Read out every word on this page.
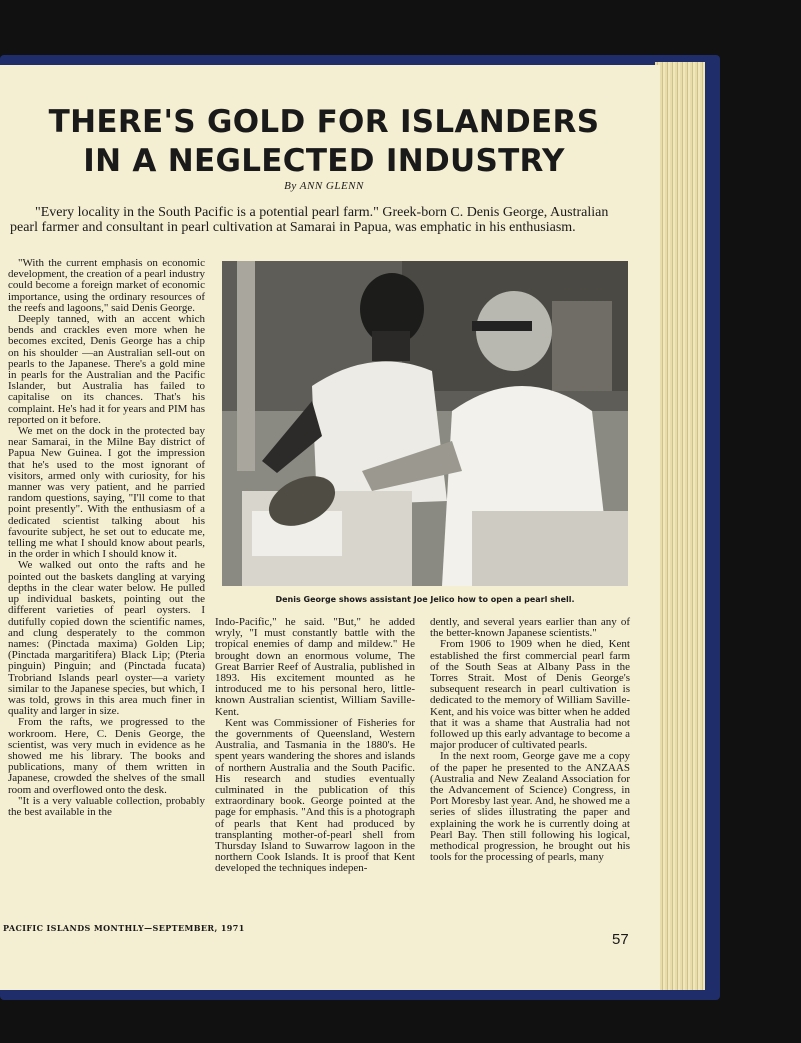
THERE'S GOLD FOR ISLANDERS
IN A NEGLECTED INDUSTRY
By ANN GLENN

"Every locality in the South Pacific is a potential pearl farm." Greek-born C. Denis George, Australian pearl farmer and consultant in pearl cultivation at Samarai in Papua, was emphatic in his enthusiasm.

"With the current emphasis on economic development, the creation of a pearl industry could become a foreign market of economic importance, using the ordinary resources of the reefs and lagoons," said Denis George.

Deeply tanned, with an accent which bends and crackles even more when he becomes excited, Denis George has a chip on his shoulder —an Australian sell-out on pearls to the Japanese. There's a gold mine in pearls for the Australian and the Pacific Islander, but Australia has failed to capitalise on its chances. That's his complaint. He's had it for years and PIM has reported on it before.

We met on the dock in the protected bay near Samarai, in the Milne Bay district of Papua New Guinea. I got the impression that he's used to the most ignorant of visitors, armed only with curiosity, for his manner was very patient, and he parried random questions, saying, "I'll come to that point presently". With the enthusiasm of a dedicated scientist talking about his favourite subject, he set out to educate me, telling me what I should know about pearls, in the order in which I should know it.

We walked out onto the rafts and he pointed out the baskets dangling at varying depths in the clear water below. He pulled up individual baskets, pointing out the different varieties of pearl oysters. I dutifully copied down the scientific names, and clung desperately to the common names: (Pinctada maxima) Golden Lip; (Pinctada margaritifera) Black Lip; (Pteria pinguin) Pinguin; and (Pinctada fucata) Trobriand Islands pearl oyster—a variety similar to the Japanese species, but which, I was told, grows in this area much finer in quality and larger in size.

From the rafts, we progressed to the workroom. Here, C. Denis George, the scientist, was very much in evidence as he showed me his library. The books and publications, many of them written in Japanese, crowded the shelves of the small room and overflowed onto the desk.

"It is a very valuable collection, probably the best available in the

Denis George shows assistant Joe Jelico how to open a pearl shell.

Indo-Pacific," he said. "But," he added wryly, "I must constantly battle with the tropical enemies of damp and mildew." He brought down an enormous volume, The Great Barrier Reef of Australia, published in 1893. His excitement mounted as he introduced me to his personal hero, little-known Australian scientist, William Saville-Kent.

Kent was Commissioner of Fisheries for the governments of Queensland, Western Australia, and Tasmania in the 1880's. He spent years wandering the shores and islands of northern Australia and the South Pacific. His research and studies eventually culminated in the publication of this extraordinary book. George pointed at the page for emphasis. "And this is a photograph of pearls that Kent had produced by transplanting mother-of-pearl shell from Thursday Island to Suwarrow lagoon in the northern Cook Islands. It is proof that Kent developed the techniques indepen-

dently, and several years earlier than any of the better-known Japanese scientists."

From 1906 to 1909 when he died, Kent established the first commercial pearl farm of the South Seas at Albany Pass in the Torres Strait. Most of Denis George's subsequent research in pearl cultivation is dedicated to the memory of William Saville-Kent, and his voice was bitter when he added that it was a shame that Australia had not followed up this early advantage to become a major producer of cultivated pearls.

In the next room, George gave me a copy of the paper he presented to the ANZAAS (Australia and New Zealand Association for the Advancement of Science) Congress, in Port Moresby last year. And, he showed me a series of slides illustrating the paper and explaining the work he is currently doing at Pearl Bay. Then still following his logical, methodical progression, he brought out his tools for the processing of pearls, many

PACIFIC ISLANDS MONTHLY—SEPTEMBER, 1971
57
